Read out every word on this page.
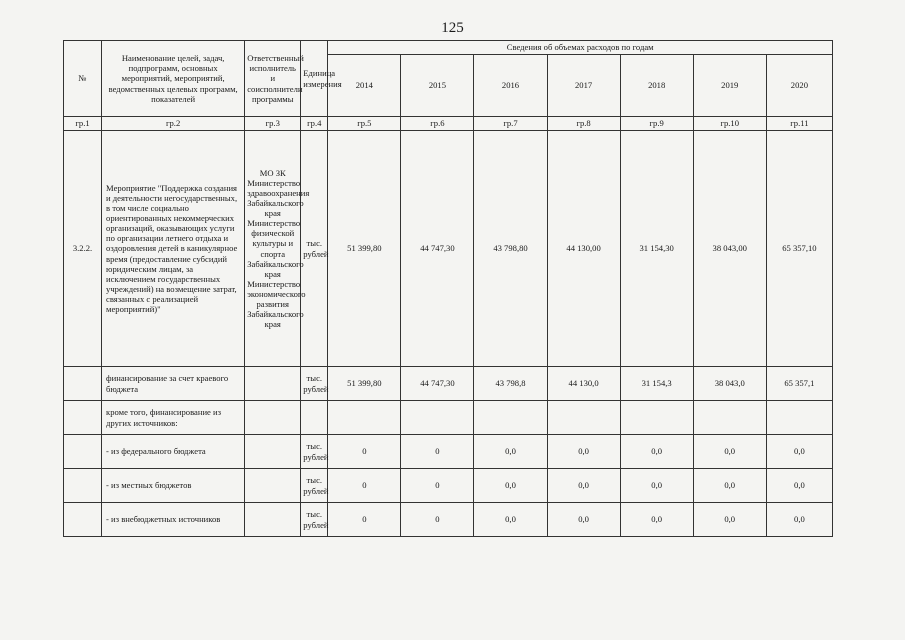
125
№	Наименование целей, задач, подпрограмм, основных мероприятий, мероприятий, ведомственных целевых программ, показателей	Ответственный исполнитель и соисполнители программы	Единица измерения	Сведения об объемах расходов по годам						
				2014	2015	2016	2017	2018	2019	2020
гр.1	гр.2	гр.3	гр.4	гр.5	гр.6	гр.7	гр.8	гр.9	гр.10	гр.11
3.2.2.	Мероприятие "Поддержка создания и деятельности негосударственных, в том числе социально ориентированных некоммерческих организаций, оказывающих услуги по организации летнего отдыха и оздоровления детей в каникулярное время (предоставление субсидий юридическим лицам, за исключением государственных учреждений) на возмещение затрат, связанных с реализацией мероприятий)"	МО ЗК Министерство здравоохранения Забайкальского края Министерство физической культуры и спорта Забайкальского края Министерство экономического развития Забайкальского края	тыс. рублей	51 399,80	44 747,30	43 798,80	44 130,00	31 154,30	38 043,00	65 357,10
	финансирование за счет краевого бюджета		тыс. рублей	51 399,80	44 747,30	43 798,8	44 130,0	31 154,3	38 043,0	65 357,1
	кроме того, финансирование из других источников:									
	- из федерального бюджета		тыс. рублей	0	0	0,0	0,0	0,0	0,0	0,0
	- из местных бюджетов		тыс. рублей	0	0	0,0	0,0	0,0	0,0	0,0
	- из внебюджетных источников		тыс. рублей	0	0	0,0	0,0	0,0	0,0	0,0
